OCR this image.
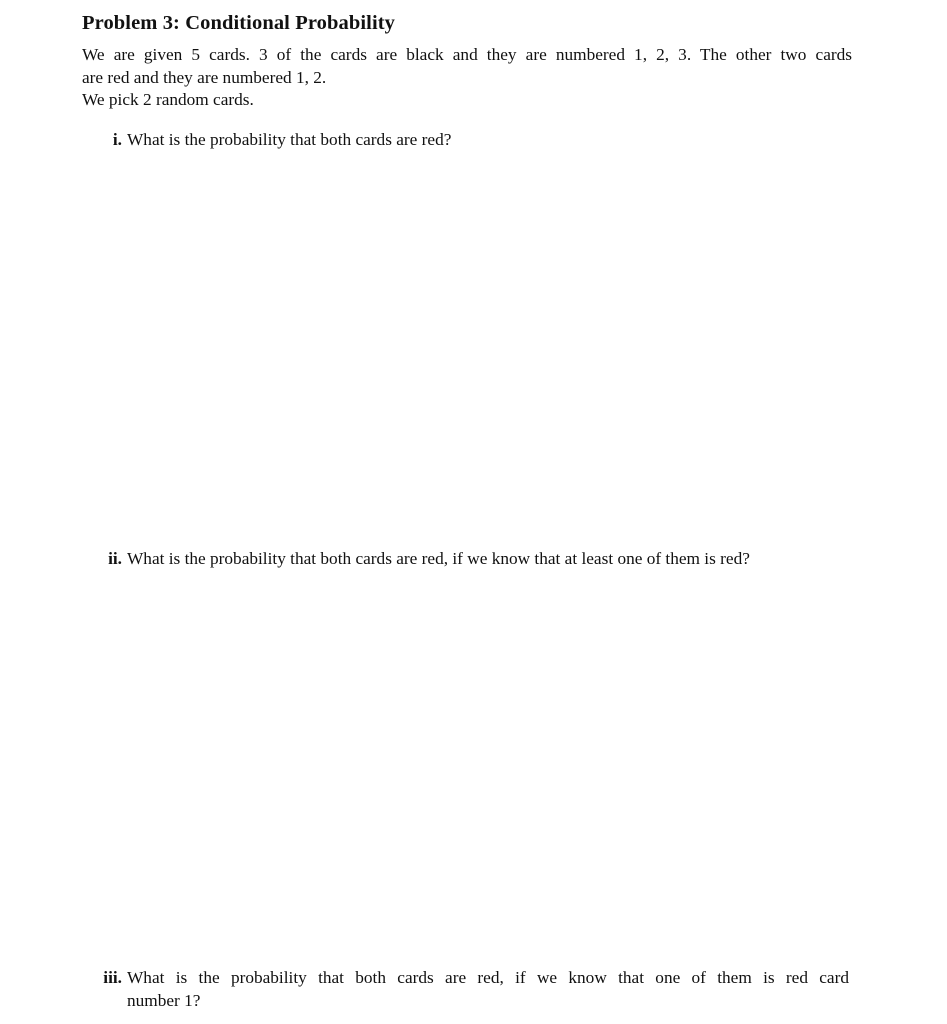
Problem 3: Conditional Probability
We are given 5 cards. 3 of the cards are black and they are numbered 1, 2, 3. The other two cards
are red and they are numbered 1, 2.
We pick 2 random cards.
i. What is the probability that both cards are red?
ii. What is the probability that both cards are red, if we know that at least one of them is red?
iii. What is the probability that both cards are red, if we know that one of them is red card
number 1?
